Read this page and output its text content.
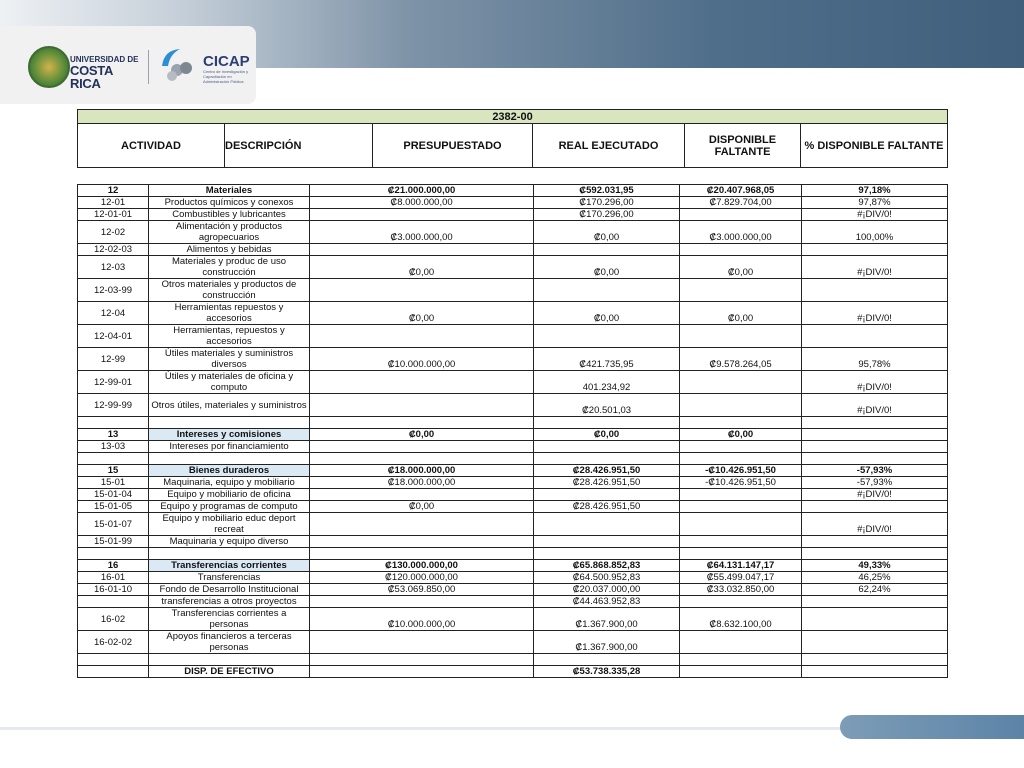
UNIVERSIDAD DE
COSTA RICA
CICAP
Centro de Investigación y Capacitación en Administración Pública
2382-00
ACTIVIDAD	DESCRIPCIÓN	PRESUPUESTADO	REAL EJECUTADO	DISPONIBLE FALTANTE	% DISPONIBLE FALTANTE
12	Materiales	₡21.000.000,00	₡592.031,95	₡20.407.968,05	97,18%
12-01	Productos químicos y conexos	₡8.000.000,00	₡170.296,00	₡7.829.704,00	97,87%
12-01-01	Combustibles y lubricantes		₡170.296,00		#¡DIV/0!
12-02	Alimentación y productos agropecuarios	₡3.000.000,00	₡0,00	₡3.000.000,00	100,00%
12-02-03	Alimentos y bebidas				
12-03	Materiales y produc de uso construcción	₡0,00	₡0,00	₡0,00	#¡DIV/0!
12-03-99	Otros materiales y productos de construcción				
12-04	Herramientas repuestos y accesorios	₡0,00	₡0,00	₡0,00	#¡DIV/0!
12-04-01	Herramientas, repuestos y accesorios				
12-99	Útiles materiales y suministros diversos	₡10.000.000,00	₡421.735,95	₡9.578.264,05	95,78%
12-99-01	Útiles y materiales de oficina y computo		401.234,92		#¡DIV/0!
12-99-99	Otros útiles, materiales y suministros		₡20.501,03		#¡DIV/0!

13	Intereses y comisiones	₡0,00	₡0,00	₡0,00	
13-03	Intereses por financiamiento				

15	Bienes duraderos	₡18.000.000,00	₡28.426.951,50	-₡10.426.951,50	-57,93%
15-01	Maquinaria, equipo y mobiliario	₡18.000.000,00	₡28.426.951,50	-₡10.426.951,50	-57,93%
15-01-04	Equipo y mobiliario de oficina				#¡DIV/0!
15-01-05	Equipo y programas de computo	₡0,00	₡28.426.951,50		
15-01-07	Equipo y mobiliario educ deport recreat				#¡DIV/0!
15-01-99	Maquinaria y equipo diverso				

16	Transferencias corrientes	₡130.000.000,00	₡65.868.852,83	₡64.131.147,17	49,33%
16-01	Transferencias	₡120.000.000,00	₡64.500.952,83	₡55.499.047,17	46,25%
16-01-10	Fondo de Desarrollo Institucional	₡53.069.850,00	₡20.037.000,00	₡33.032.850,00	62,24%
	transferencias a otros proyectos		₡44.463.952,83		
16-02	Transferencias corrientes a personas	₡10.000.000,00	₡1.367.900,00	₡8.632.100,00	
16-02-02	Apoyos financieros a terceras personas		₡1.367.900,00		

	DISP. DE EFECTIVO		₡53.738.335,28		
